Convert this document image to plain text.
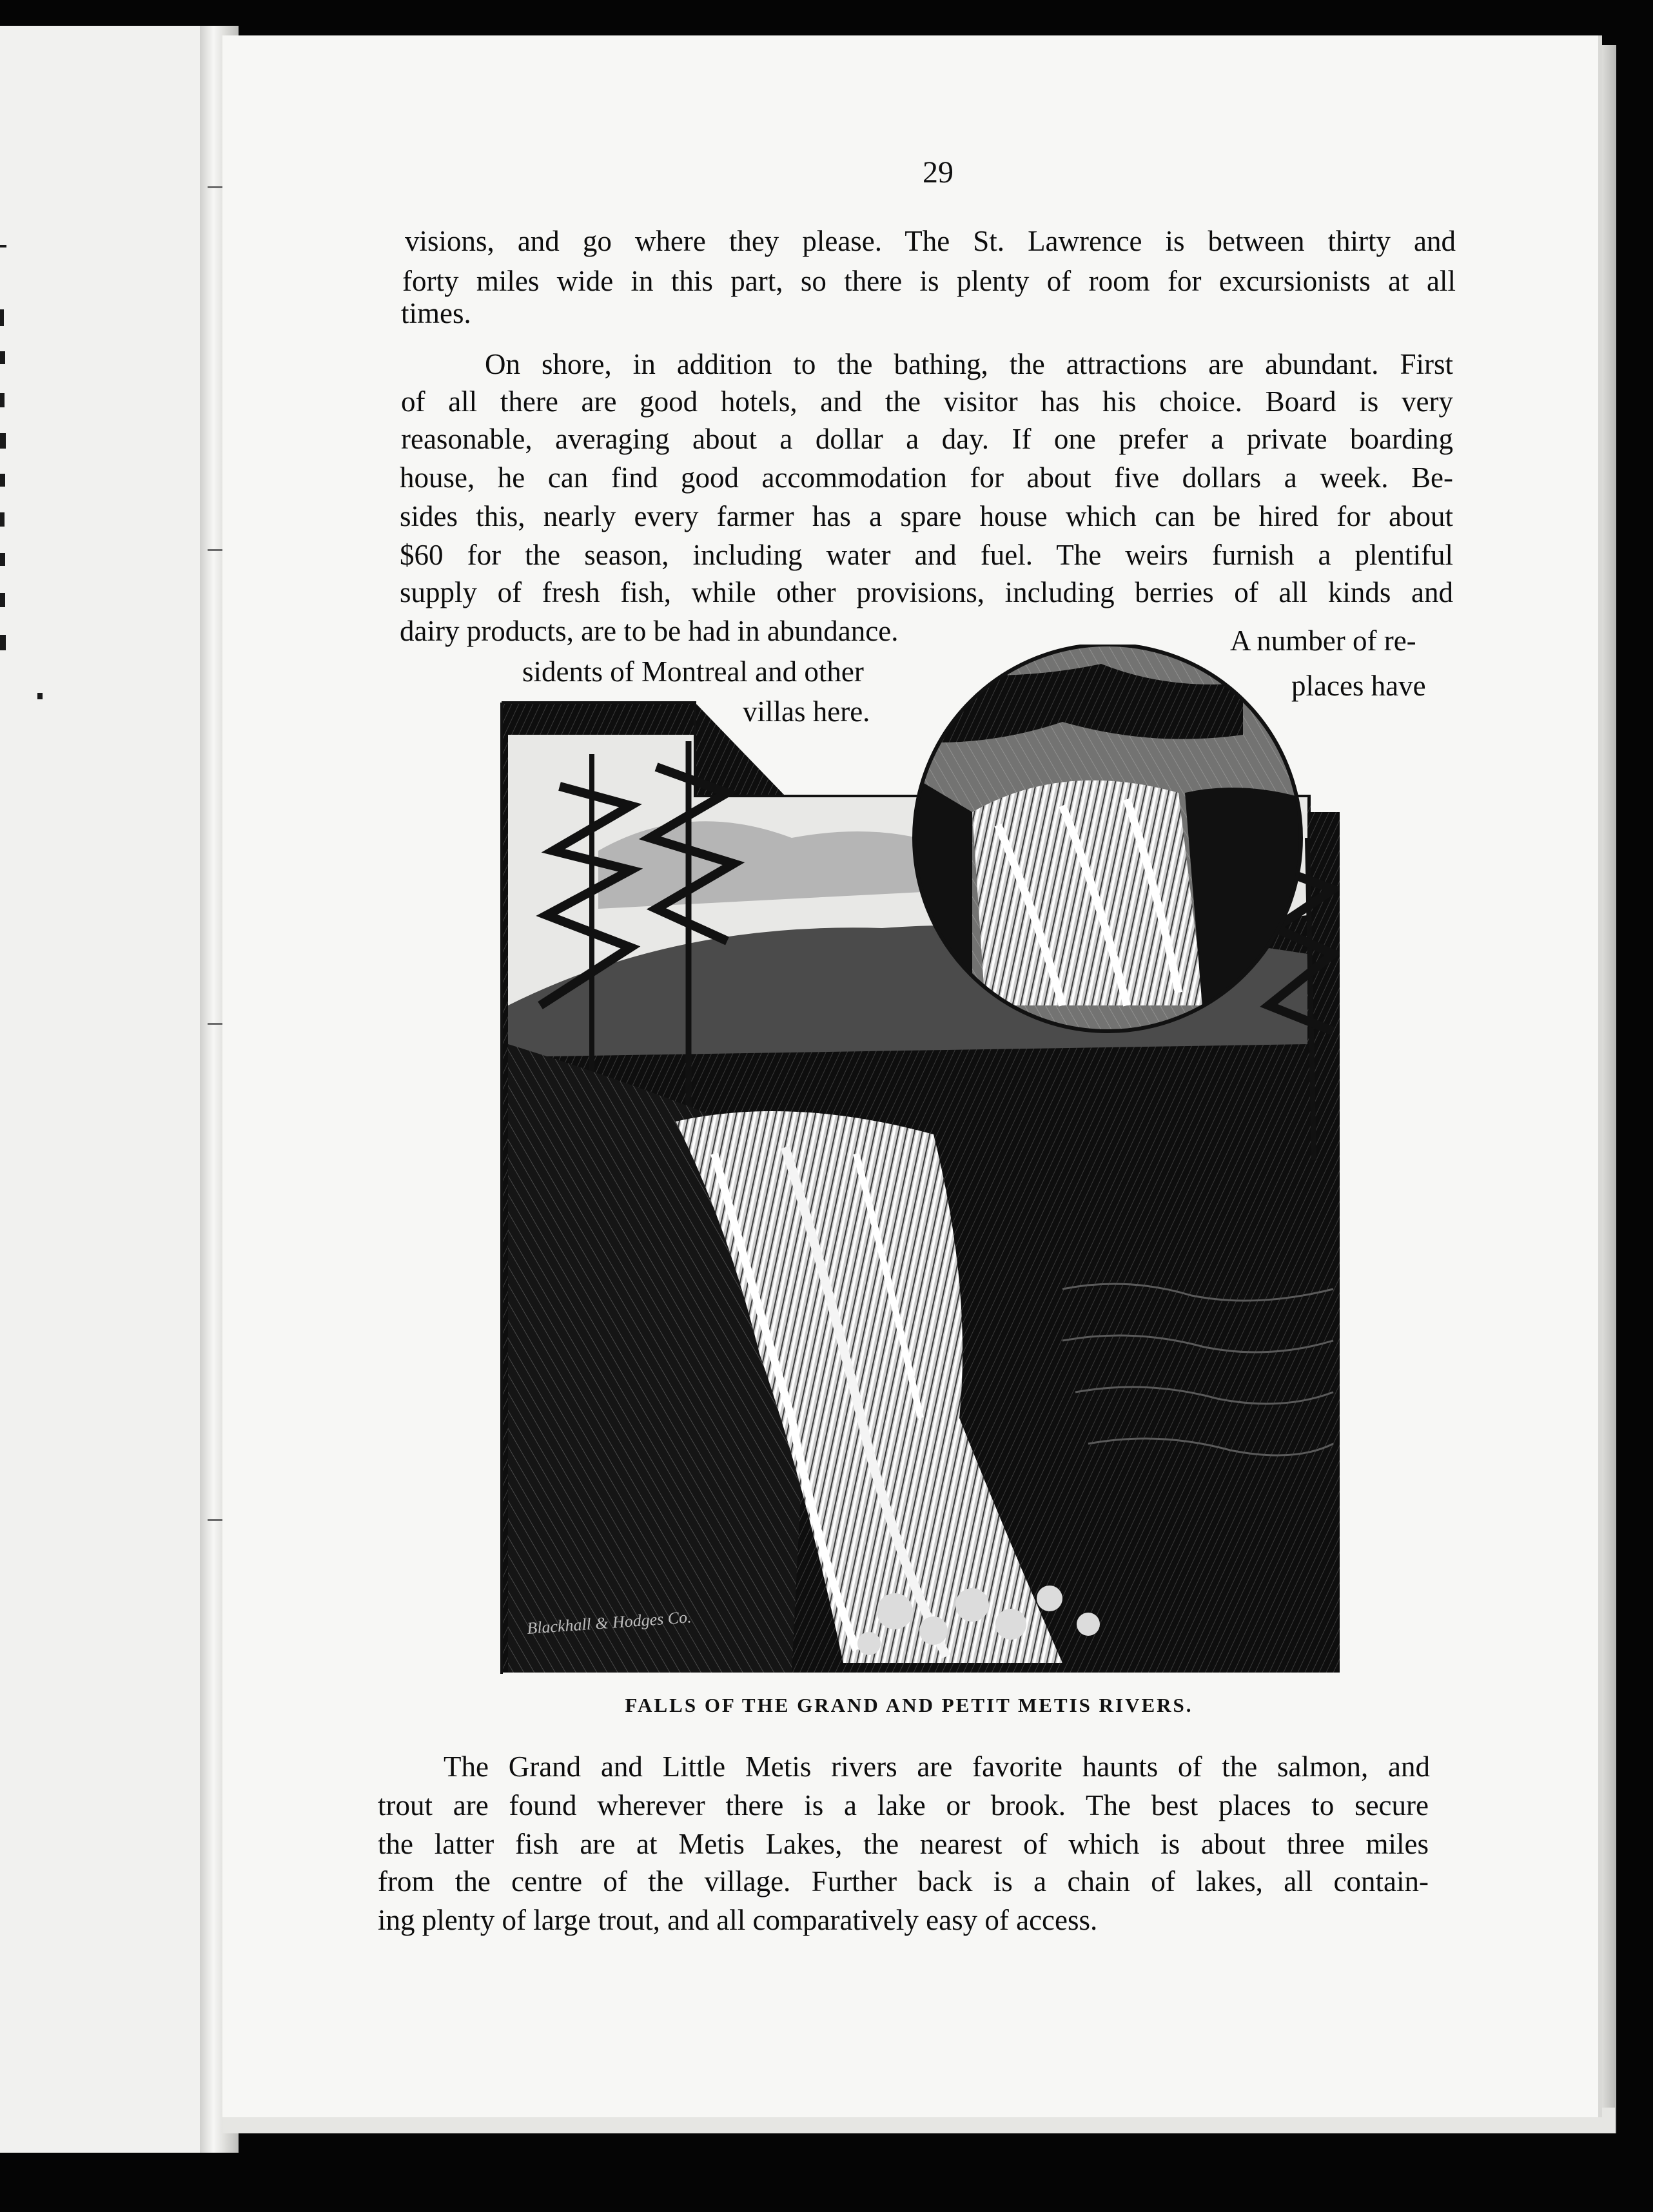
29

visions, and go where they please. The St. Lawrence is between thirty and

forty miles wide in this part, so there is plenty of room for excursionists at all

times.

On shore, in addition to the bathing, the attractions are abundant. First

of all there are good hotels, and the visitor has his choice. Board is very

reasonable, averaging about a dollar a day. If one prefer a private boarding

house, he can find good accommodation for about five dollars a week. Be-

sides this, nearly every farmer has a spare house which can be hired for about

$60 for the season, including water and fuel. The weirs furnish a plentiful

supply of fresh fish, while other provisions, including berries of all kinds and

dairy products, are to be had in abundance.	A number of re-

sidents of Montreal and other	places have

villas here.

Blackhall & Hodges Co.

FALLS OF THE GRAND AND PETIT METIS RIVERS.

The Grand and Little Metis rivers are favorite haunts of the salmon, and

trout are found wherever there is a lake or brook. The best places to secure

the latter fish are at Metis Lakes, the nearest of which is about three miles

from the centre of the village. Further back is a chain of lakes, all contain-

ing plenty of large trout, and all comparatively easy of access.
